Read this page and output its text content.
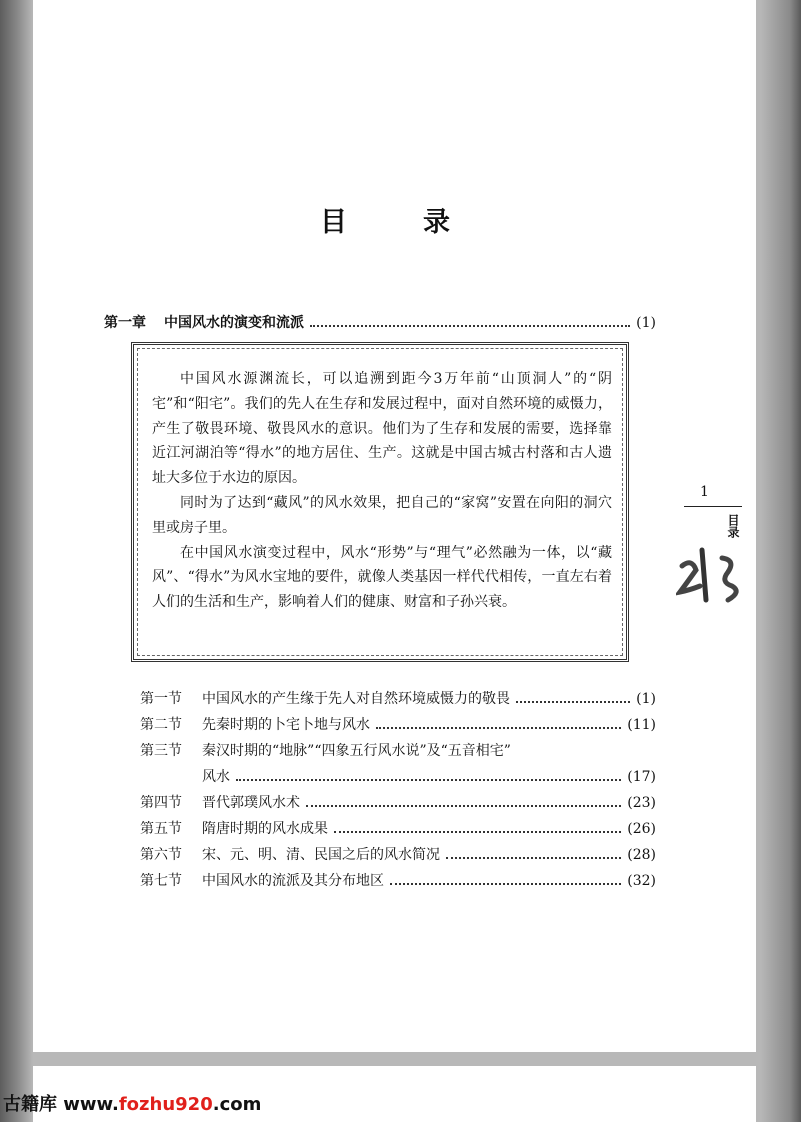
目	录
第一章 中国风水的演变和流派	(1)

中国风水源渊流长，可以追溯到距今3万年前“山顶洞人”的“阴宅”和“阳宅”。我们的先人在生存和发展过程中，面对自然环境的威慑力，产生了敬畏环境、敬畏风水的意识。他们为了生存和发展的需要，选择靠近江河湖泊等“得水”的地方居住、生产。这就是中国古城古村落和古人遗址大多位于水边的原因。

同时为了达到“藏风”的风水效果，把自己的“家窝”安置在向阳的洞穴里或房子里。

在中国风水演变过程中，风水“形势”与“理气”必然融为一体，以“藏风”、“得水”为风水宝地的要件，就像人类基因一样代代相传，一直左右着人们的生活和生产，影响着人们的健康、财富和子孙兴衰。

第一节	中国风水的产生缘于先人对自然环境威慑力的敬畏	(1)
第二节	先秦时期的卜宅卜地与风水	(11)
第三节	秦汉时期的“地脉”“四象五行风水说”及“五音相宅”
风水	(17)
第四节	晋代郭璞风水术	(23)
第五节	隋唐时期的风水成果	(26)
第六节	宋、元、明、清、民国之后的风水简况	(28)
第七节	中国风水的流派及其分布地区	(32)
1
目录
古籍库 www.fozhu920.com
